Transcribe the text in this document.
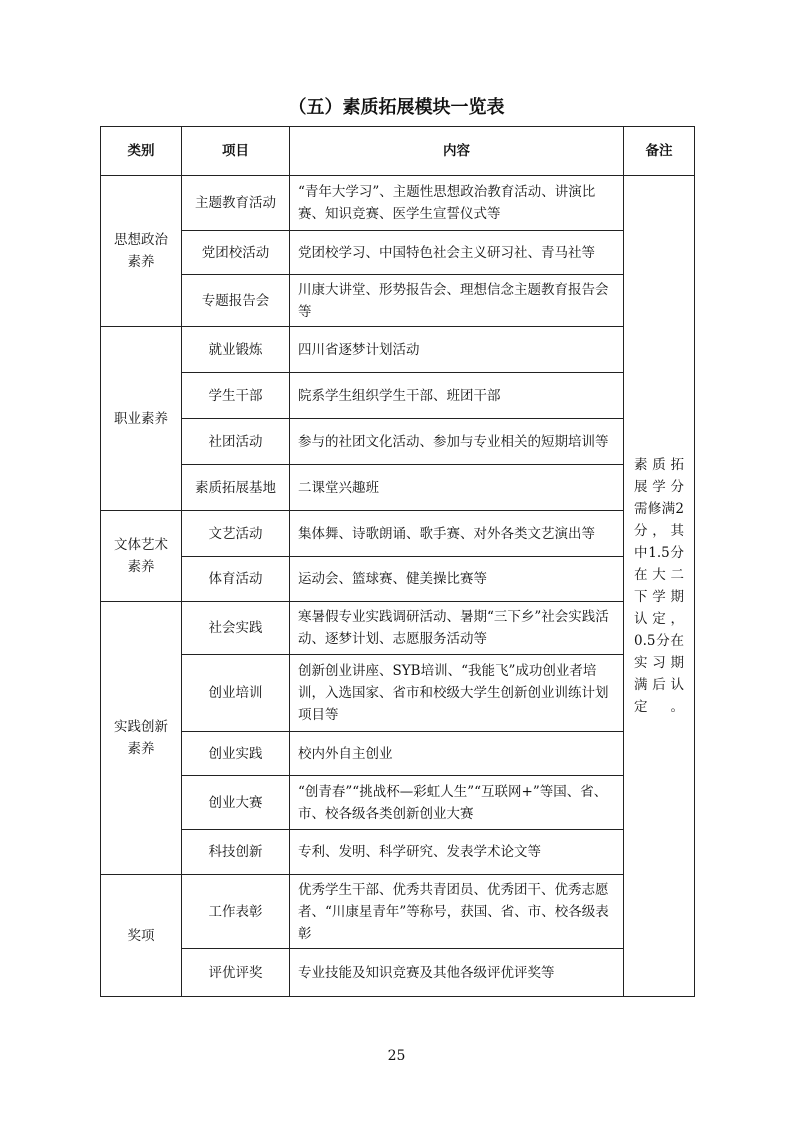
（五）素质拓展模块一览表
类别	项目	内容	备注
思想政治素养	主题教育活动	“青年大学习”、主题性思想政治教育活动、讲演比赛、知识竞赛、医学生宣誓仪式等	素质拓展学分需修满2分，其中1.5分在大二下学期认定，0.5分在实习期满后认定。

	党团校活动	党团校学习、中国特色社会主义研习社、青马社等	
	专题报告会	川康大讲堂、形势报告会、理想信念主题教育报告会等	
职业素养	就业锻炼	四川省逐梦计划活动	
	学生干部	院系学生组织学生干部、班团干部	
	社团活动	参与的社团文化活动、参加与专业相关的短期培训等	
	素质拓展基地	二课堂兴趣班	
文体艺术素养	文艺活动	集体舞、诗歌朗诵、歌手赛、对外各类文艺演出等	
	体育活动	运动会、篮球赛、健美操比赛等	
实践创新素养	社会实践	寒暑假专业实践调研活动、暑期“三下乡”社会实践活动、逐梦计划、志愿服务活动等	
	创业培训	创新创业讲座、SYB培训、“我能飞”成功创业者培训，入选国家、省市和校级大学生创新创业训练计划项目等	
	创业实践	校内外自主创业	
	创业大赛	“创青春”“挑战杯—彩虹人生”“互联网+”等国、省、市、校各级各类创新创业大赛	
	科技创新	专利、发明、科学研究、发表学术论文等	
奖项	工作表彰	优秀学生干部、优秀共青团员、优秀团干、优秀志愿者、“川康星青年”等称号，获国、省、市、校各级表彰	
	评优评奖	专业技能及知识竞赛及其他各级评优评奖等	
25
